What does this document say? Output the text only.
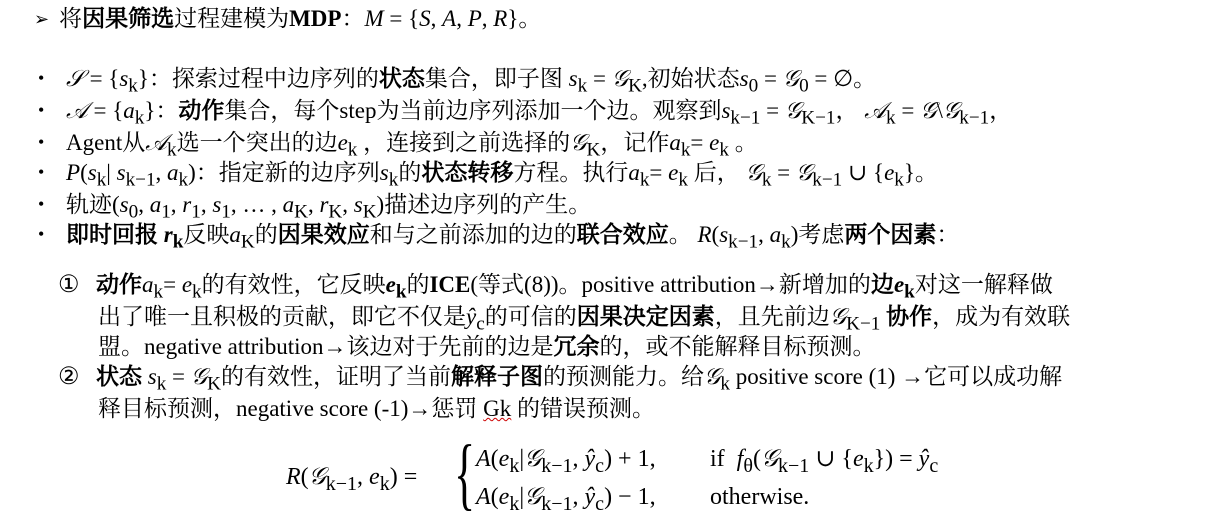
➢ 将因果筛选过程建模为MDP：M = {S, A, P, R}。
• 𝒮 = $\{s_k\}$：探索过程中边序列的状态集合，即子图 $s_k$ = 𝒢$_K$,初始状态$s_0$ = 𝒢$_0$ = ∅。
• 𝒜 = $\{a_k\}$：动作集合，每个step为当前边序列添加一个边。观察到$s_{k-1}$ = 𝒢$_{K-1}$， 𝒜$_k$ = 𝒢\𝒢$_{k-1}$，
• Agent从𝒜$_k$选一个突出的边$e_k$ ，连接到之前选择的𝒢$_K$，记作$a_k= e_k$ 。
• $P(s_k|$ $s_{k-1}$, $a_k$)：指定新的边序列$s_k$的状态转移方程。执行$a_k= e_k$ 后， 𝒢$_k$ = 𝒢$_{k-1}$ ∪ $\{e_k\}$。
• 轨迹($s_0$, $a_1$, $r_1$, $s_1$, … , $a_K$, $r_K$, $s_K$)描述边序列的产生。
• 即时回报 $r_k$反映$a_K$的因果效应和与之前添加的边的联合效应。 $R(s_{k-1}$, $a_k$)考虑两个因素：
① 动作$a_k= e_k$的有效性，它反映$e_k$的ICE(等式(8))。positive attribution→新增加的边$e_k$对这一解释做
出了唯一且积极的贡献，即它不仅是$ŷ_c$的可信的因果决定因素，且先前边𝒢$_{K-1}$ 协作，成为有效联
盟。negative attribution→该边对于先前的边是冗余的，或不能解释目标预测。
② 状态 $s_k$ = 𝒢$_K$的有效性，证明了当前解释子图的预测能力。给𝒢$_k$ positive score (1) →它可以成功解
释目标预测，negative score (-1)→惩罚 Gk 的错误预测。
R(𝒢$_{k-1}$, $e_k$) = { $A(e_k|𝒢_{k-1}$, $ŷ_c) + 1$, if  $f_\theta(𝒢_{k-1}$ ∪ $\{e_k\}$) = $ŷ_c$
$A(e_k|𝒢_{k-1}$, $ŷ_c) - 1$, otherwise.
